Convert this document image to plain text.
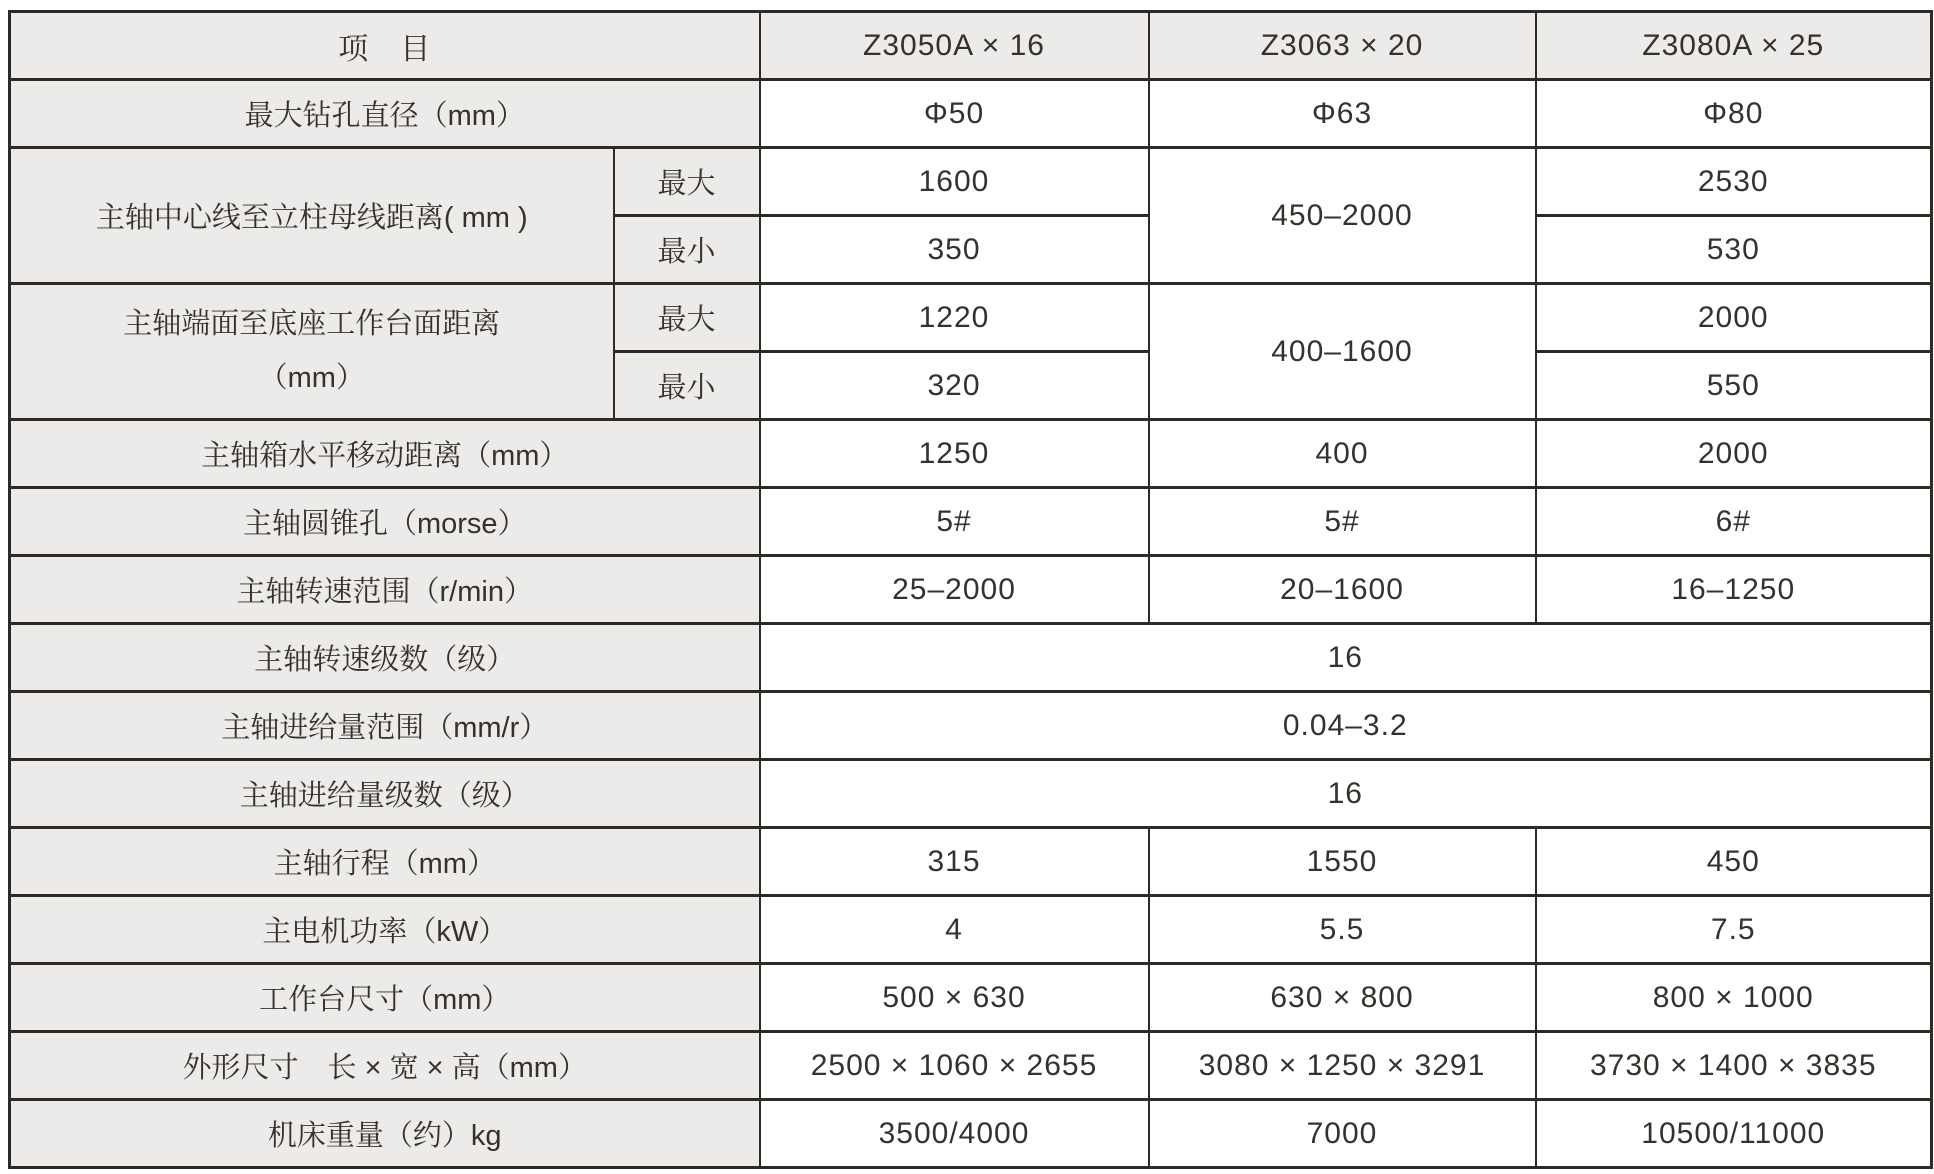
项　目		Z3050A × 16	Z3063 × 20	Z3080A × 25
最大钻孔直径（mm）		Φ50	Φ63	Φ80
主轴中心线至立柱母线距离( mm )	最大	1600	450–2000	2530
	最小	350		530

主轴端面至底座工作台面距离
（mm）	最大	1220	400–1600	2000
	最小	320		550
主轴箱水平移动距离（mm）		1250	400	2000
主轴圆锥孔（morse）		5#	5#	6#
主轴转速范围（r/min）		25–2000	20–1600	16–1250
主轴转速级数（级）		16		
主轴进给量范围（mm/r）		0.04–3.2		
主轴进给量级数（级）		16		
主轴行程（mm）		315	1550	450
主电机功率（kW）		4	5.5	7.5
工作台尺寸（mm）		500 × 630	630 × 800	800 × 1000
外形尺寸　长 × 宽 × 高（mm）		2500 × 1060 × 2655	3080 × 1250 × 3291	3730 × 1400 × 3835
机床重量（约）kg		3500/4000	7000	10500/11000
